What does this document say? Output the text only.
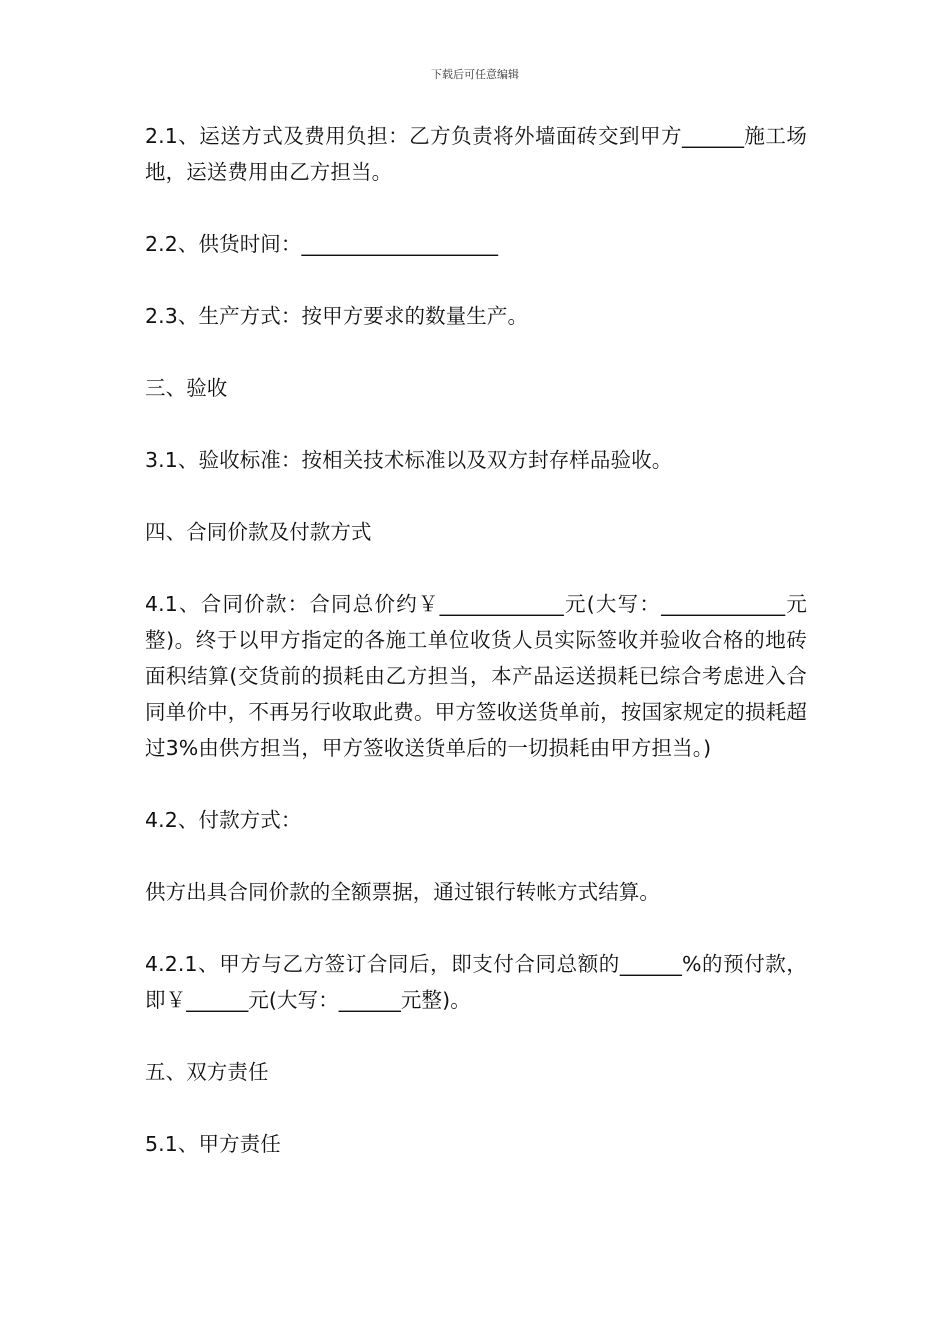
下载后可任意编辑

2.1、运送方式及费用负担：乙方负责将外墙面砖交到甲方______施工场地，运送费用由乙方担当。

2.2、供货时间：___________________

2.3、生产方式：按甲方要求的数量生产。

三、验收

3.1、验收标准：按相关技术标准以及双方封存样品验收。

四、合同价款及付款方式

4.1、合同价款：合同总价约￥____________元(大写：____________元整)。终于以甲方指定的各施工单位收货人员实际签收并验收合格的地砖面积结算(交货前的损耗由乙方担当，本产品运送损耗已综合考虑进入合同单价中，不再另行收取此费。甲方签收送货单前，按国家规定的损耗超过3%由供方担当，甲方签收送货单后的一切损耗由甲方担当。)

4.2、付款方式：

供方出具合同价款的全额票据，通过银行转帐方式结算。

4.2.1、甲方与乙方签订合同后，即支付合同总额的______%的预付款，即￥______元(大写：______元整)。

五、双方责任

5.1、甲方责任
